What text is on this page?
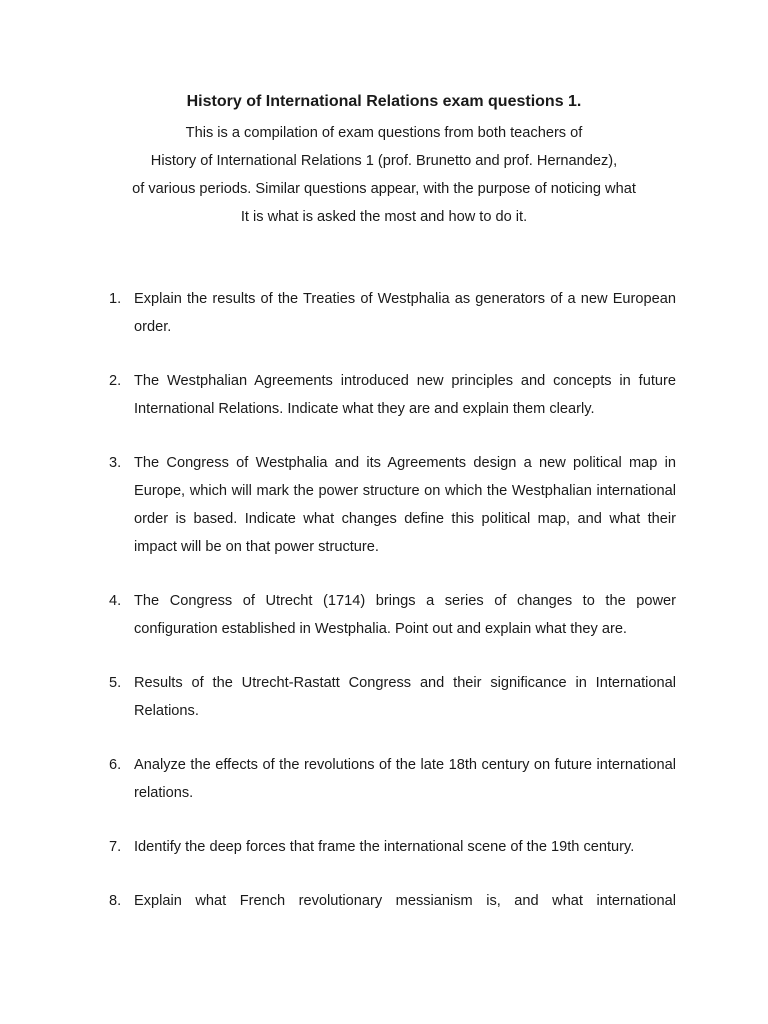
History of International Relations exam questions 1.

This is a compilation of exam questions from both teachers of
History of International Relations 1 (prof. Brunetto and prof. Hernandez),
of various periods. Similar questions appear, with the purpose of noticing what
It is what is asked the most and how to do it.

1. Explain the results of the Treaties of Westphalia as generators of a new European order.
2. The Westphalian Agreements introduced new principles and concepts in future International Relations. Indicate what they are and explain them clearly.
3. The Congress of Westphalia and its Agreements design a new political map in Europe, which will mark the power structure on which the Westphalian international order is based. Indicate what changes define this political map, and what their impact will be on that power structure.
4. The Congress of Utrecht (1714) brings a series of changes to the power configuration established in Westphalia. Point out and explain what they are.
5. Results of the Utrecht-Rastatt Congress and their significance in International Relations.
6. Analyze the effects of the revolutions of the late 18th century on future international relations.
7. Identify the deep forces that frame the international scene of the 19th century.
8. Explain what French revolutionary messianism is, and what international
